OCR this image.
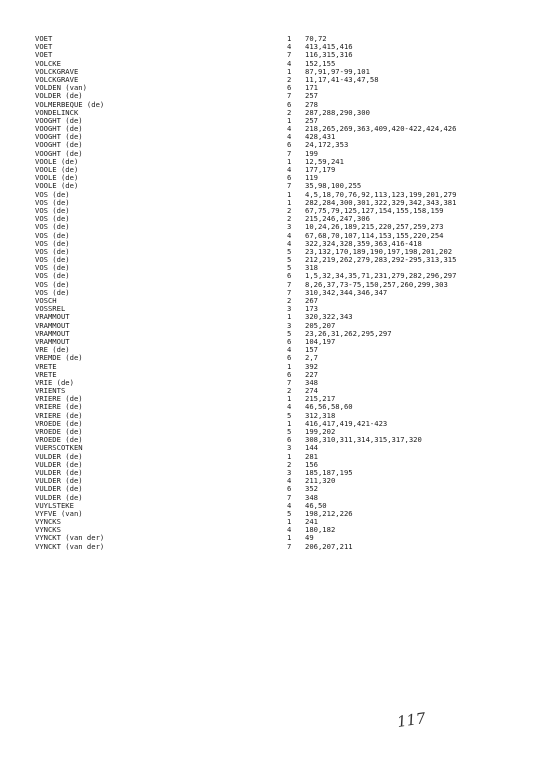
VOET	1	70,72
VOET	4	413,415,416
VOET	7	116,315,316
VOLCKE	4	152,155
VOLCKGRAVE	1	87,91,97-99,101
VOLCKGRAVE	2	11,17,41-43,47,58
VOLDEN (van)	6	171
VOLDER (de)	7	257
VOLMERBEQUE (de)	6	278
VONDELINCK	2	287,288,290,300
VOOGHT (de)	1	257
VOOGHT (de)	4	218,265,269,363,409,420-422,424,426
VOOGHT (de)	4	428,431
VOOGHT (de)	6	24,172,353
VOOGHT (de)	7	199
VOOLE (de)	1	12,59,241
VOOLE (de)	4	177,179
VOOLE (de)	6	119
VOOLE (de)	7	35,98,100,255
VOS (de)	1	4,5,18,70,76,92,113,123,199,201,279
VOS (de)	1	282,284,300,301,322,329,342,343,381
VOS (de)	2	67,75,79,125,127,154,155,158,159
VOS (de)	2	215,246,247,306
VOS (de)	3	10,24,26,189,215,220,257,259,273
VOS (de)	4	67,68,70,107,114,153,155,220,254
VOS (de)	4	322,324,328,359,363,416-418
VOS (de)	5	23,132,170,189,190,197,198,201,202
VOS (de)	5	212,219,262,279,283,292-295,313,315
VOS (de)	5	318
VOS (de)	6	1,5,32,34,35,71,231,279,282,296,297
VOS (de)	7	8,26,37,73-75,150,257,260,299,303
VOS (de)	7	310,342,344,346,347
VOSCH	2	267
VOSSREL	3	173
VRAMMOUT	1	320,322,343
VRAMMOUT	3	205,207
VRAMMOUT	5	23,26,31,262,295,297
VRAMMOUT	6	104,197
VRE (de)	4	157
VREMDE (de)	6	2,7
VRETE	1	392
VRETE	6	227
VRIE (de)	7	348
VRIENTS	2	274
VRIERE (de)	1	215,217
VRIERE (de)	4	46,56,58,60
VRIERE (de)	5	312,318
VROEDE (de)	1	416,417,419,421-423
VROEDE (de)	5	199,202
VROEDE (de)	6	308,310,311,314,315,317,320
VUERSCOTKEN	3	144
VULDER (de)	1	281
VULDER (de)	2	156
VULDER (de)	3	185,187,195
VULDER (de)	4	211,320
VULDER (de)	6	352
VULDER (de)	7	348
VUYLSTEKE	4	46,50
VYFVE (van)	5	198,212,226
VYNCKS	1	241
VYNCKS	4	180,182
VYNCKT (van der)	1	49
VYNCKT (van der)	7	206,207,211
117
